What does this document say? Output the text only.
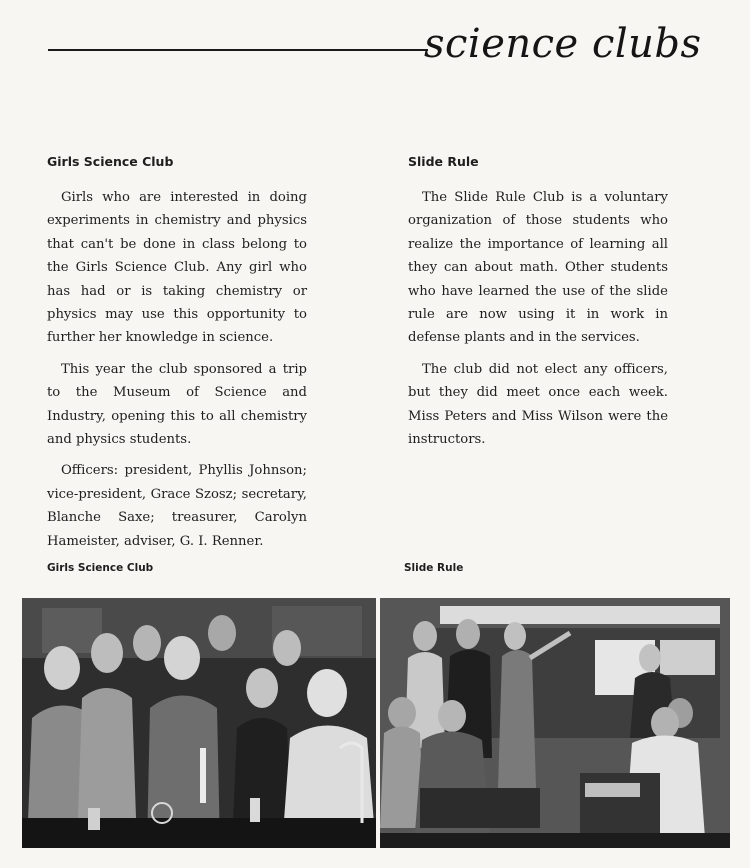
science clubs
Girls Science Club

Girls who are interested in doing experiments in chemistry and physics that can't be done in class belong to the Girls Science Club. Any girl who has had or is taking chemistry or physics may use this opportunity to further her knowledge in science.

This year the club sponsored a trip to the Museum of Science and Industry, opening this to all chemistry and physics students.

Officers: president, Phyllis Johnson; vice-president, Grace Szosz; secretary, Blanche Saxe; treasurer, Carolyn Hameister, adviser, G. I. Renner.

Slide Rule

The Slide Rule Club is a voluntary organization of those students who realize the importance of learning all they can about math. Other students who have learned the use of the slide rule are now using it in work in defense plants and in the services.

The club did not elect any officers, but they did meet once each week. Miss Peters and Miss Wilson were the instructors.

Girls Science Club	Slide Rule
